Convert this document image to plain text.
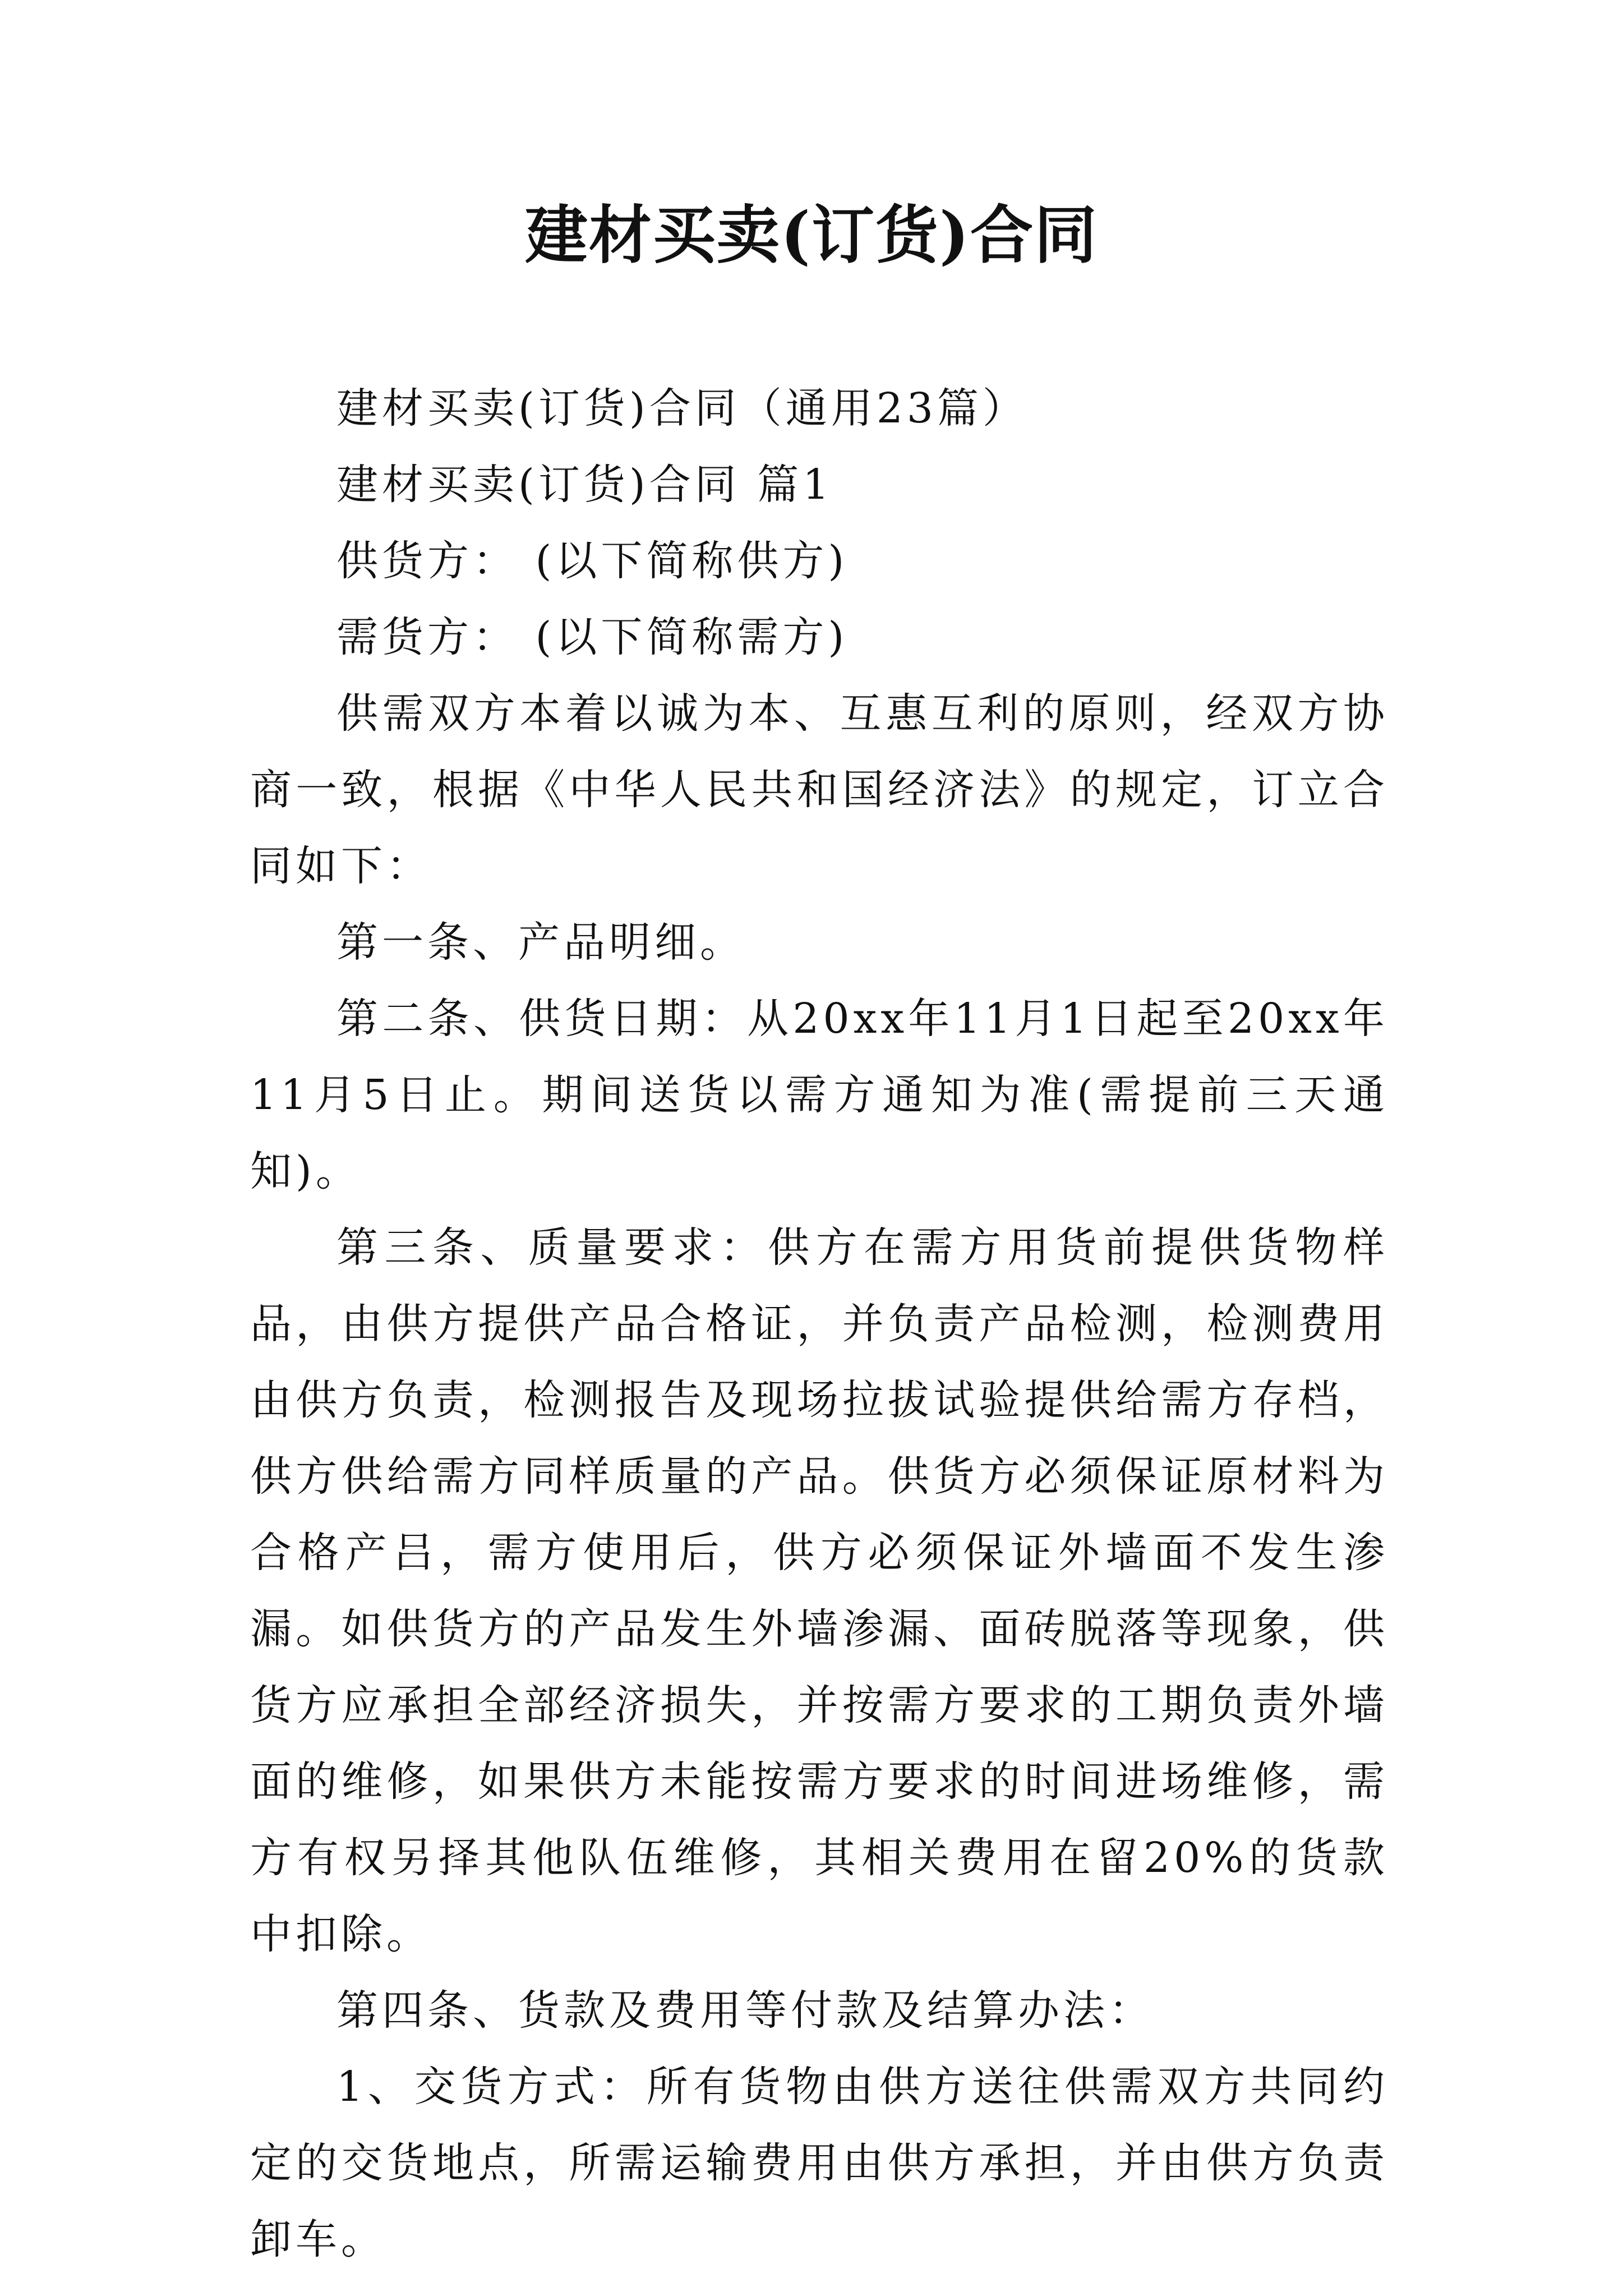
建材买卖(订货)合同

建材买卖(订货)合同（通用23篇）

建材买卖(订货)合同 篇1

供货方： (以下简称供方)

需货方： (以下简称需方)

供需双方本着以诚为本、互惠互利的原则，经双方协商一致，根据《中华人民共和国经济法》的规定，订立合同如下：

第一条、产品明细。

第二条、供货日期：从20xx年11月1日起至20xx年11月5日止。期间送货以需方通知为准(需提前三天通知)。

第三条、质量要求：供方在需方用货前提供货物样品，由供方提供产品合格证，并负责产品检测，检测费用由供方负责，检测报告及现场拉拔试验提供给需方存档，供方供给需方同样质量的产品。供货方必须保证原材料为合格产吕，需方使用后，供方必须保证外墙面不发生渗漏。如供货方的产品发生外墙渗漏、面砖脱落等现象，供货方应承担全部经济损失，并按需方要求的工期负责外墙面的维修，如果供方未能按需方要求的时间进场维修，需方有权另择其他队伍维修，其相关费用在留20%的货款中扣除。

第四条、货款及费用等付款及结算办法：

1、交货方式：所有货物由供方送往供需双方共同约定的交货地点，所需运输费用由供方承担，并由供方负责卸车。
